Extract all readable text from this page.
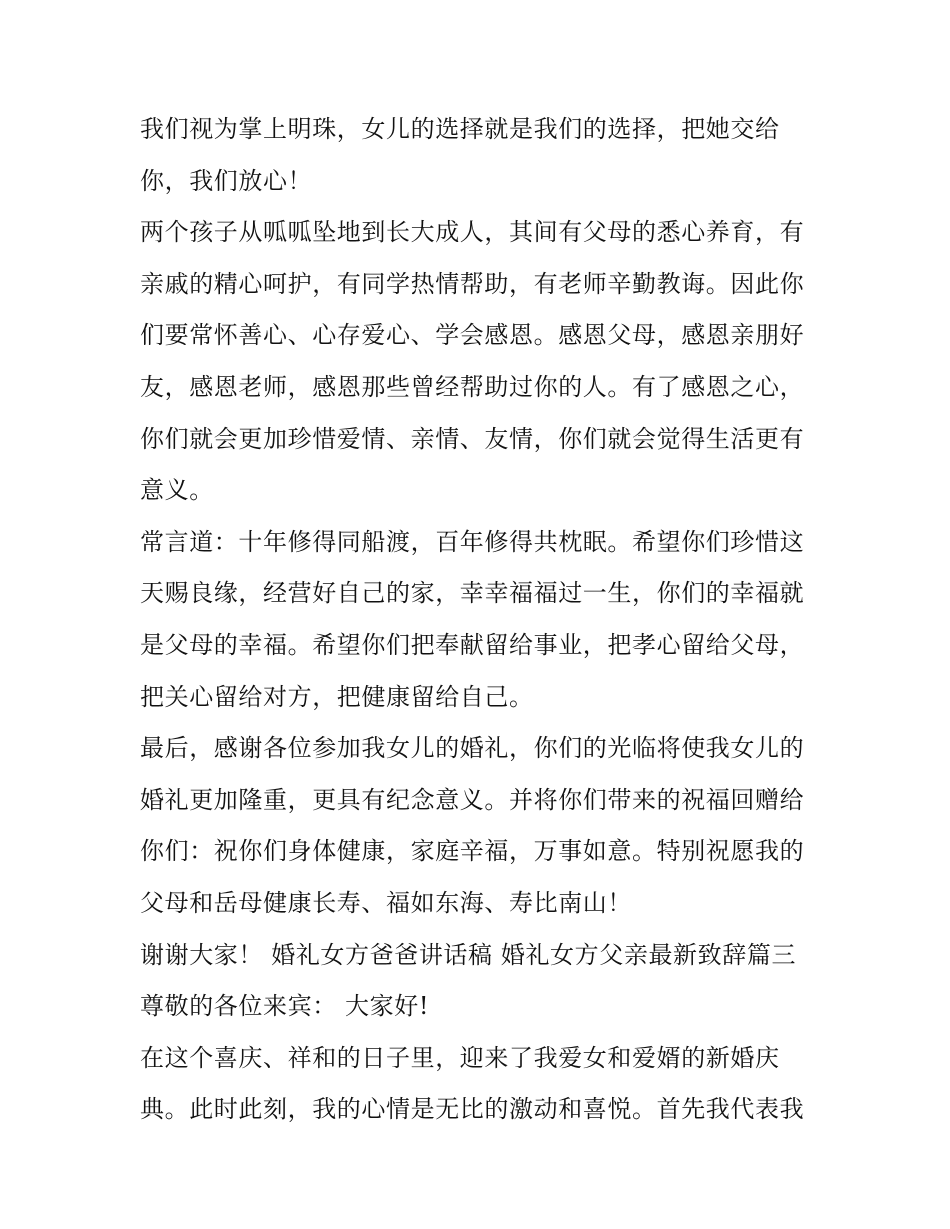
我们视为掌上明珠，女儿的选择就是我们的选择，把她交给
你，我们放心！
两个孩子从呱呱坠地到长大成人，其间有父母的悉心养育，有
亲戚的精心呵护，有同学热情帮助，有老师辛勤教诲。因此你
们要常怀善心、心存爱心、学会感恩。感恩父母，感恩亲朋好
友，感恩老师，感恩那些曾经帮助过你的人。有了感恩之心，
你们就会更加珍惜爱情、亲情、友情，你们就会觉得生活更有
意义。
常言道：十年修得同船渡，百年修得共枕眠。希望你们珍惜这
天赐良缘，经营好自己的家，幸幸福福过一生，你们的幸福就
是父母的幸福。希望你们把奉献留给事业，把孝心留给父母，
把关心留给对方，把健康留给自己。
最后，感谢各位参加我女儿的婚礼，你们的光临将使我女儿的
婚礼更加隆重，更具有纪念意义。并将你们带来的祝福回赠给
你们：祝你们身体健康，家庭辛福，万事如意。特别祝愿我的
父母和岳母健康长寿、福如东海、寿比南山！
谢谢大家！ 婚礼女方爸爸讲话稿 婚礼女方父亲最新致辞篇三
尊敬的各位来宾： 大家好!
在这个喜庆、祥和的日子里，迎来了我爱女和爱婿的新婚庆
典。此时此刻，我的心情是无比的激动和喜悦。首先我代表我
